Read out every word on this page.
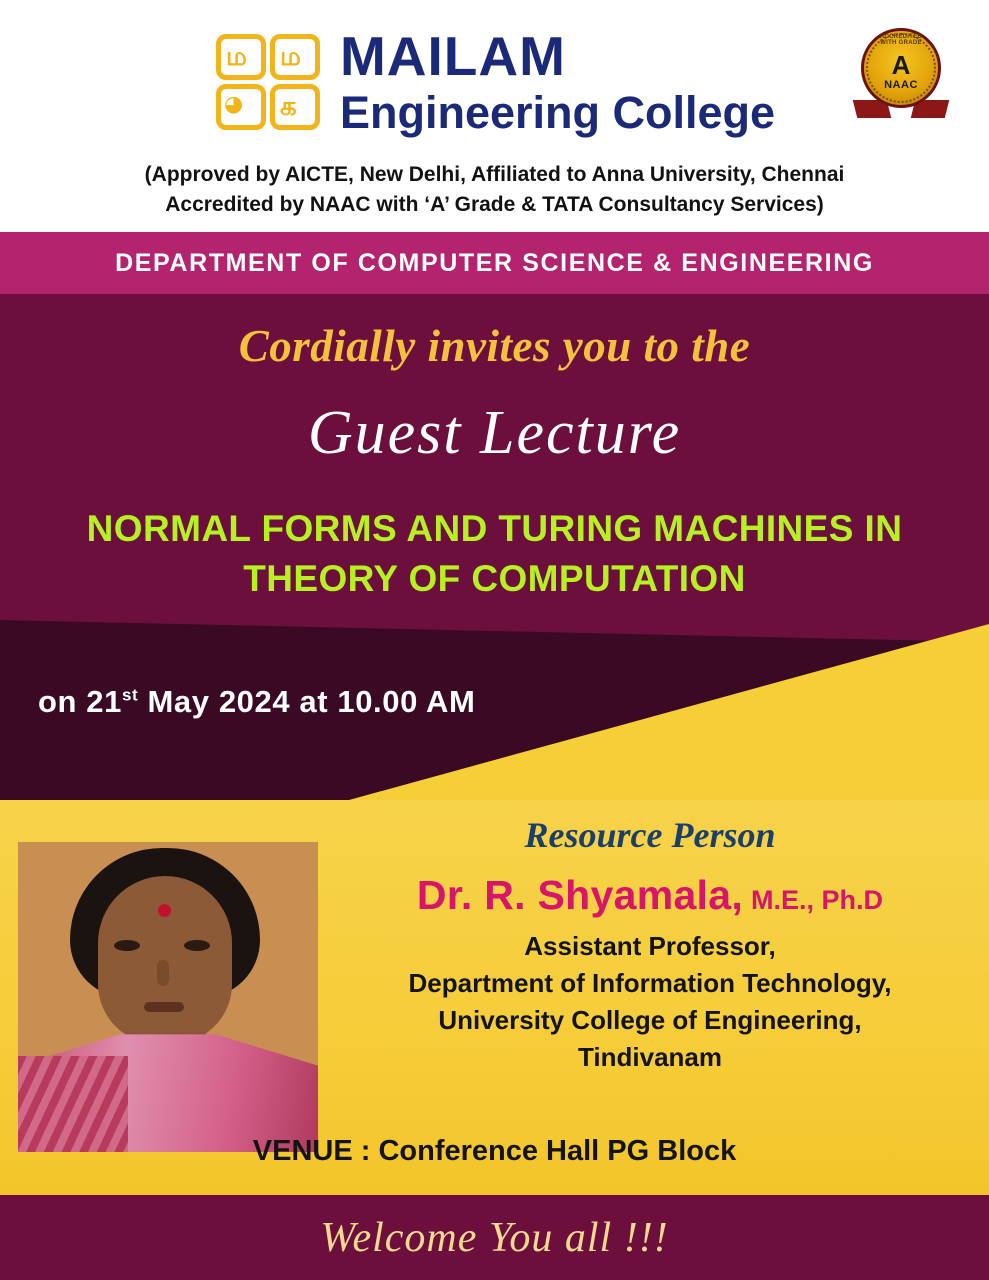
ம ம
◕ க
MAILAM
Engineering College
A
NAAC
ACCREDITED WITH GRADE
(Approved by AICTE, New Delhi, Affiliated to Anna University, Chennai
Accredited by NAAC with ‘A’ Grade & TATA Consultancy Services)
DEPARTMENT OF COMPUTER SCIENCE & ENGINEERING
Cordially invites you to the
Guest Lecture
NORMAL FORMS AND TURING MACHINES IN
THEORY OF COMPUTATION
on 21st May 2024 at 10.00 AM
Resource Person
Dr. R. Shyamala, M.E., Ph.D
Assistant Professor,
Department of Information Technology,
University College of Engineering,
Tindivanam
VENUE : Conference Hall PG Block
Welcome You all !!!
